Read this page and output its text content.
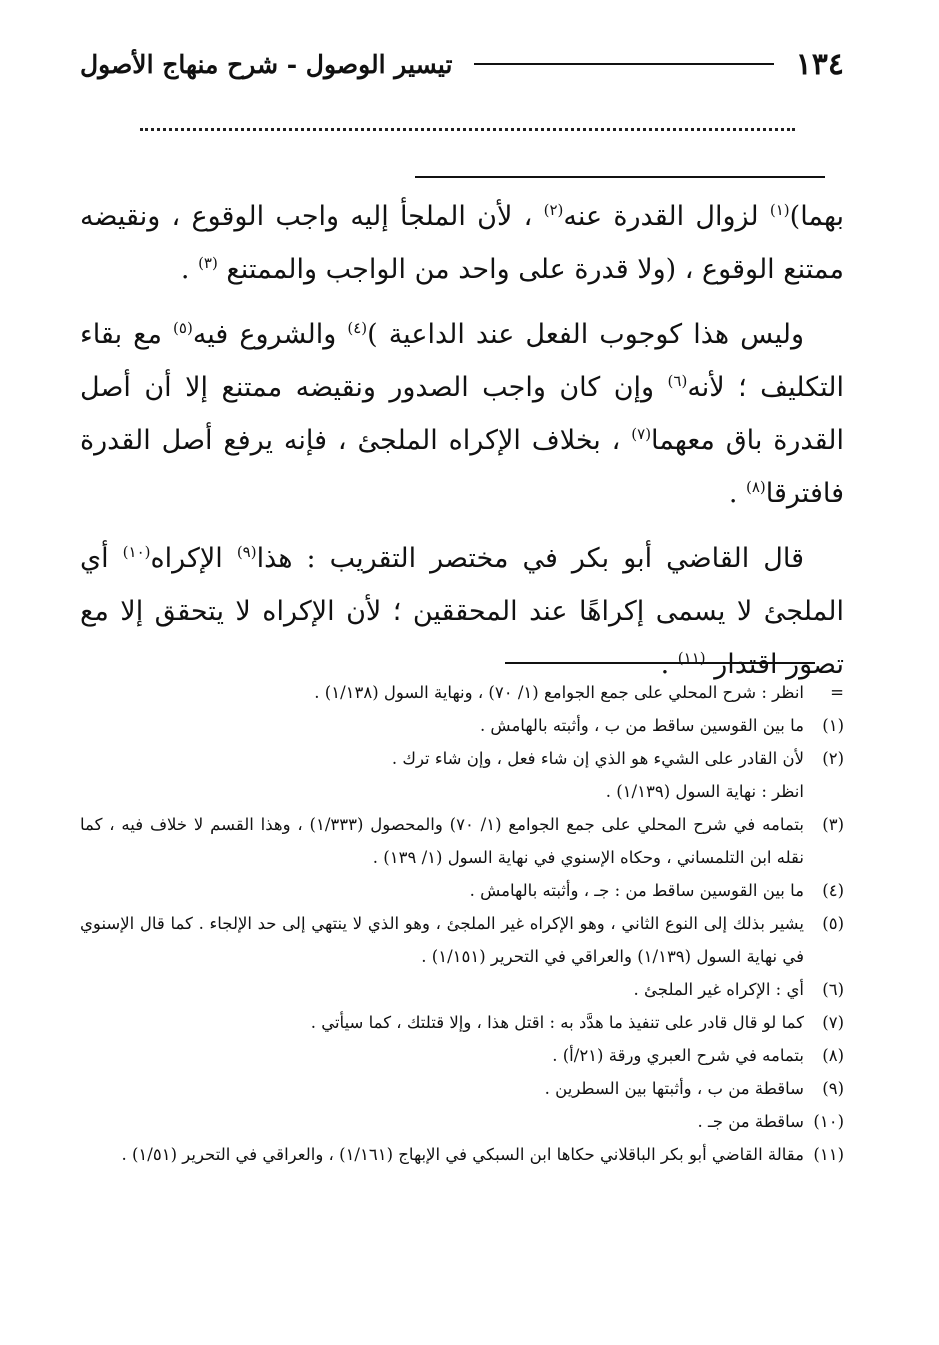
١٣٤
تيسير الوصول - شرح منهاج الأصول

بهما)$^{(١)}$ لزوال القدرة عنه$^{(٢)}$ ، لأن الملجأ إليه واجب الوقوع ، ونقيضه ممتنع الوقوع ، (ولا قدرة على واحد من الواجب والممتنع $^{(٣)}$ .

وليس هذا كوجوب الفعل عند الداعية )$^{(٤)}$ والشروع فيه$^{(٥)}$ مع بقاء التكليف ؛ لأنه$^{(٦)}$ وإن كان واجب الصدور ونقيضه ممتنع إلا أن أصل القدرة باق معهما$^{(٧)}$ ، بخلاف الإكراه الملجئ ، فإنه يرفع أصل القدرة فافترقا$^{(٨)}$ .

قال القاضي أبو بكر في مختصر التقريب : هذا$^{(٩)}$ الإكراه$^{(١٠)}$ أي الملجئ لا يسمى إكراهًا عند المحققين ؛ لأن الإكراه لا يتحقق إلا مع تصور اقتدار $^{(١١)}$ .

=
انظر : شرح المحلي على جمع الجوامع (١/ ٧٠) ، ونهاية السول (١/١٣٨) .
(١)
ما بين القوسين ساقط من ب ، وأثبته بالهامش .
(٢)
لأن القادر على الشيء هو الذي إن شاء فعل ، وإن شاء ترك .
انظر : نهاية السول (١/١٣٩) .
(٣)
بتمامه في شرح المحلي على جمع الجوامع (١/ ٧٠) والمحصول (١/٣٣٣) ، وهذا القسم لا خلاف فيه ، كما نقله ابن التلمساني ، وحكاه الإسنوي في نهاية السول (١/ ١٣٩) .
(٤)
ما بين القوسين ساقط من : جـ ، وأثبته بالهامش .
(٥)
يشير بذلك إلى النوع الثاني ، وهو الإكراه غير الملجئ ، وهو الذي لا ينتهي إلى حد الإلجاء . كما قال الإسنوي في نهاية السول (١/١٣٩) والعراقي في التحرير (١/١٥١) .
(٦)
أي : الإكراه غير الملجئ .
(٧)
كما لو قال قادر على تنفيذ ما هدَّد به : اقتل هذا ، وإلا قتلتك ، كما سيأتي .
(٨)
بتمامه في شرح العبري ورقة (٢١/أ) .
(٩)
ساقطة من ب ، وأثبتها بين السطرين .
(١٠)
ساقطة من جـ .
(١١)
مقالة القاضي أبو بكر الباقلاني حكاها ابن السبكي في الإبهاج (١/١٦١) ، والعراقي في التحرير (١/٥١) .
